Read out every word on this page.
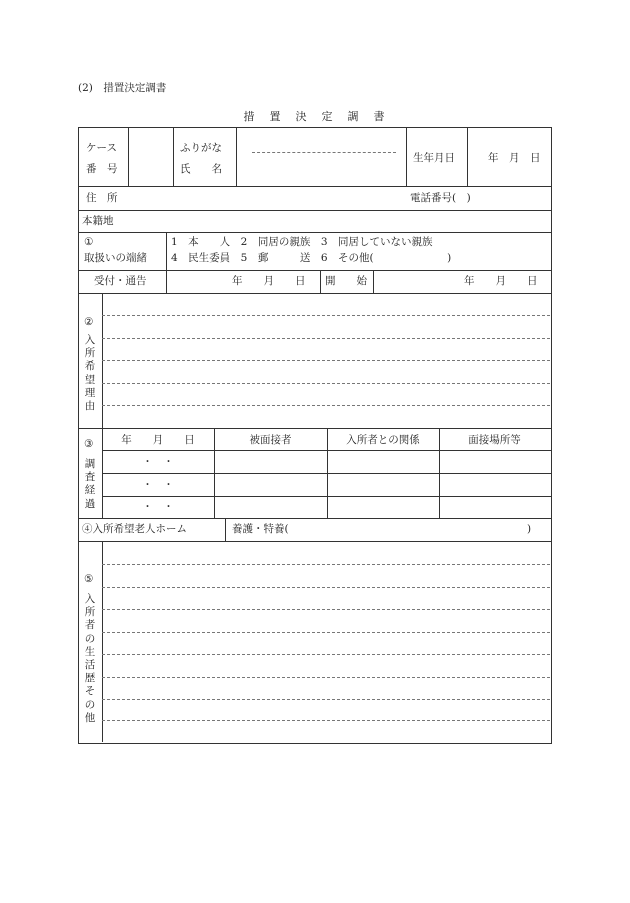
(2)　措置決定調書
措　置　決　定　調　書
ケース
番　号
ふりがな
氏　　名
生年月日	年　月　日
住　所	電話番号(　)
本籍地
①
取扱いの端緒
1　本　　人　2　同居の親族　3　同居していない親族
4　民生委員　5　郵　　　送　6　その他(　　　　　　　)
受付・通告	年　　月　　日 開　　始	年　　月　　日
②
入所希望理由
③
調査経過
年　　月　　日	被面接者	入所者との関係	面接場所等
・　・
・　・
・　・
④入所希望老人ホーム	養護・特養(	)
⑤
入所者の生活歴その他
